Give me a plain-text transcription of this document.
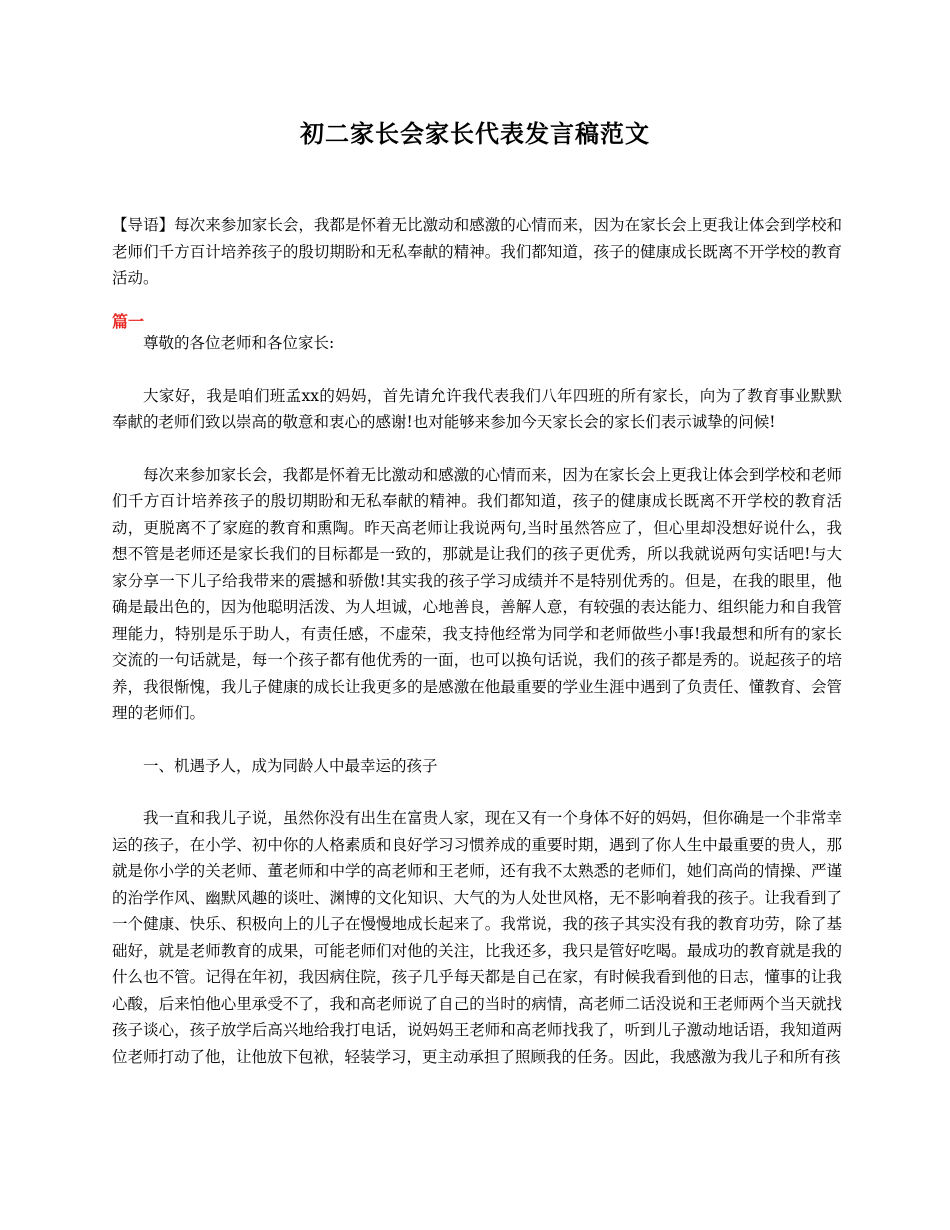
初二家长会家长代表发言稿范文
【导语】每次来参加家长会，我都是怀着无比激动和感激的心情而来，因为在家长会上更我让体会到学校和老师们千方百计培养孩子的殷切期盼和无私奉献的精神。我们都知道，孩子的健康成长既离不开学校的教育活动。
篇一

尊敬的各位老师和各位家长:

大家好，我是咱们班孟xx的妈妈，首先请允许我代表我们八年四班的所有家长，向为了教育事业默默奉献的老师们致以崇高的敬意和衷心的感谢!也对能够来参加今天家长会的家长们表示诚挚的问候!

每次来参加家长会，我都是怀着无比激动和感激的心情而来，因为在家长会上更我让体会到学校和老师们千方百计培养孩子的殷切期盼和无私奉献的精神。我们都知道，孩子的健康成长既离不开学校的教育活动，更脱离不了家庭的教育和熏陶。昨天高老师让我说两句,当时虽然答应了，但心里却没想好说什么，我想不管是老师还是家长我们的目标都是一致的，那就是让我们的孩子更优秀，所以我就说两句实话吧!与大家分享一下儿子给我带来的震撼和骄傲!其实我的孩子学习成绩并不是特别优秀的。但是，在我的眼里，他确是最出色的，因为他聪明活泼、为人坦诚，心地善良，善解人意，有较强的表达能力、组织能力和自我管理能力，特别是乐于助人，有责任感，不虚荣，我支持他经常为同学和老师做些小事!我最想和所有的家长交流的一句话就是，每一个孩子都有他优秀的一面，也可以换句话说，我们的孩子都是秀的。说起孩子的培养，我很惭愧，我儿子健康的成长让我更多的是感激在他最重要的学业生涯中遇到了负责任、懂教育、会管理的老师们。

一、机遇予人，成为同龄人中最幸运的孩子

我一直和我儿子说，虽然你没有出生在富贵人家，现在又有一个身体不好的妈妈，但你确是一个非常幸运的孩子，在小学、初中你的人格素质和良好学习习惯养成的重要时期，遇到了你人生中最重要的贵人，那就是你小学的关老师、董老师和中学的高老师和王老师，还有我不太熟悉的老师们，她们高尚的情操、严谨的治学作风、幽默风趣的谈吐、渊博的文化知识、大气的为人处世风格，无不影响着我的孩子。让我看到了一个健康、快乐、积极向上的儿子在慢慢地成长起来了。我常说，我的孩子其实没有我的教育功劳，除了基础好，就是老师教育的成果，可能老师们对他的关注，比我还多，我只是管好吃喝。最成功的教育就是我的什么也不管。记得在年初，我因病住院，孩子几乎每天都是自己在家，有时候我看到他的日志，懂事的让我心酸，后来怕他心里承受不了，我和高老师说了自己的当时的病情，高老师二话没说和王老师两个当天就找孩子谈心，孩子放学后高兴地给我打电话，说妈妈王老师和高老师找我了，听到儿子激动地话语，我知道两位老师打动了他，让他放下包袱，轻装学习，更主动承担了照顾我的任务。因此，我感激为我儿子和所有孩
